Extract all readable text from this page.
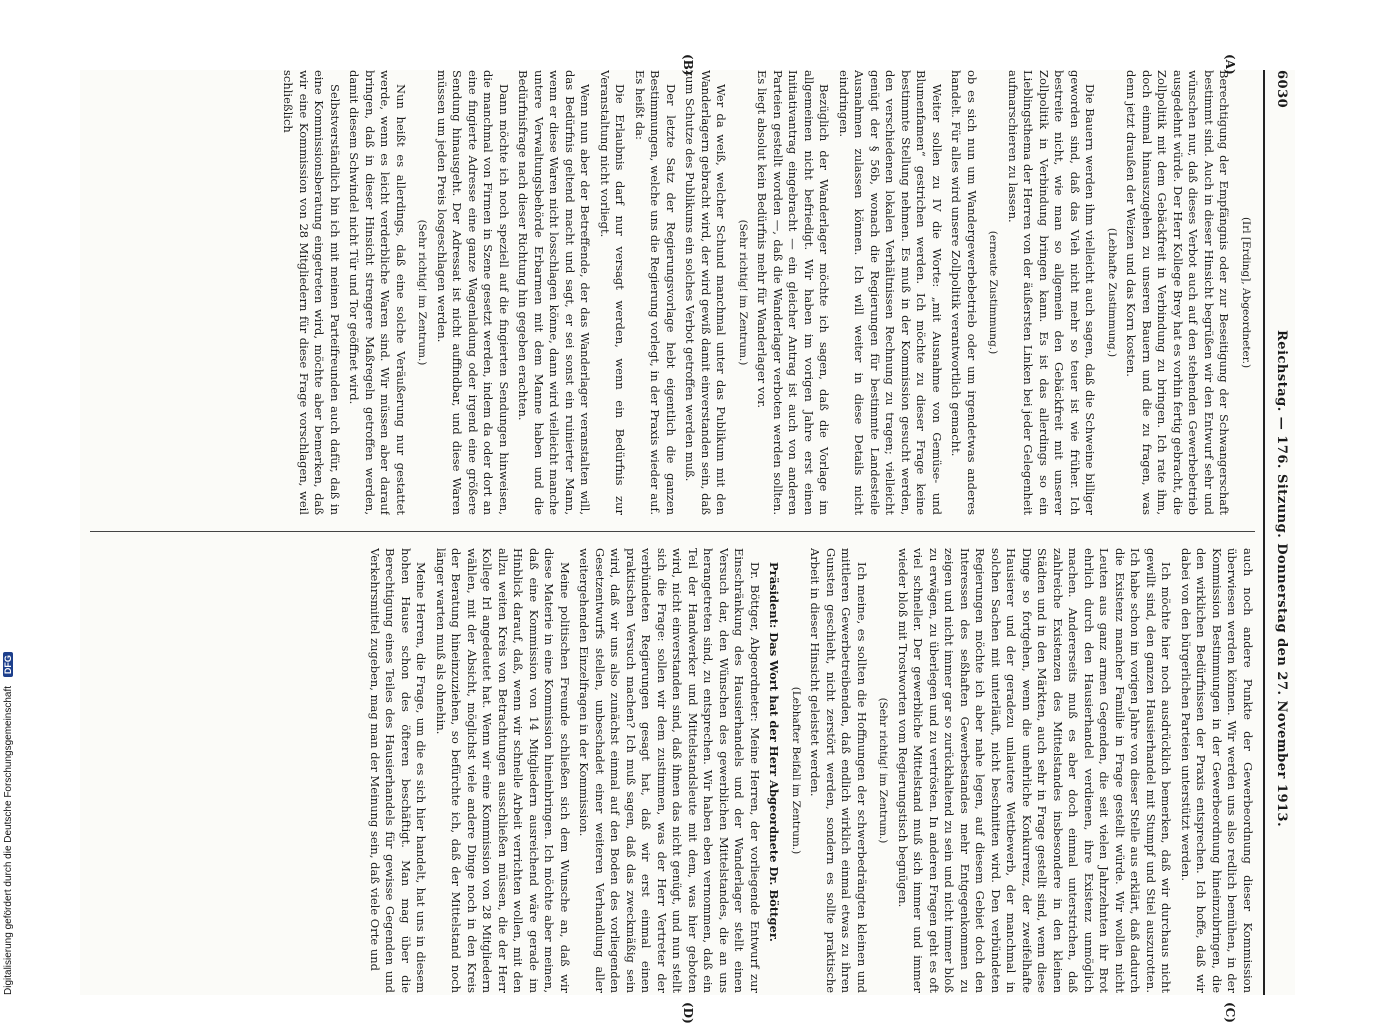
6030
Reichstag. — 176. Sitzung. Donnerstag den 27. November 1913.
(A)
(B)
(C)
(D)

(Irl [Erding], Abgeordneter.)

Berechtigung der Empfängnis oder zur Beseitigung der Schwangerschaft bestimmt sind. Auch in dieser Hinsicht begrüßen wir den Entwurf sehr und wünschen nur, daß dieses Verbot auch auf den stehenden Gewerbebetrieb ausgedehnt würde. Der Herr Kollege Brey hat es vorhin fertig gebracht, die Zollpolitik mit dem Gebäckfreit in Verbindung zu bringen. Ich rate ihm, doch einmal hinauszugehen zu unseren Bauern und die zu fragen, was denn jetzt draußen der Weizen und das Korn kosten.

(Lebhafte Zustimmung.)

Die Bauern werden ihm vielleicht auch sagen, daß die Schweine billiger geworden sind, daß das Vieh nicht mehr so teuer ist wie früher. Ich bestreite nicht, wie man so allgemein den Gebäckfreit mit unserer Zollpolitik in Verbindung bringen kann. Es ist das allerdings so ein Lieblingsthema der Herren von der äußersten Linken bei jeder Gelegenheit aufmarschieren zu lassen.

(erneute Zustimmung.)

ob es sich nun um Wandergewerbebetrieb oder um irgendetwas anderes handelt. Für alles wird unsere Zollpolitik verantwortlich gemacht.

Weiter sollen zu IV die Worte: „mit Ausnahme von Gemüse- und Blumenfamen“ gestrichen werden. Ich möchte zu dieser Frage keine bestimmte Stellung nehmen. Es muß in der Kommission gesucht werden, den verschiedenen lokalen Verhältnissen Rechnung zu tragen; vielleicht genügt der § 56b, wonach die Regierungen für bestimmte Landesteile Ausnahmen zulassen können. Ich will weiter in diese Details nicht eindringen.

Bezüglich der Wanderlager möchte ich sagen, daß die Vorlage im allgemeinen nicht befriedigt. Wir haben im vorigen Jahre erst einen Initiativantrag eingebracht — ein gleicher Antrag ist auch von anderen Parteien gestellt worden —, daß die Wanderlager verboten werden sollten. Es liegt absolut kein Bedürfnis mehr für Wanderlager vor.

(Sehr richtig! im Zentrum.)

Wer da weiß, welcher Schund manchmal unter das Publikum mit den Wanderlagern gebracht wird, der wird gewiß damit einverstanden sein, daß zum Schutze des Publikums ein solches Verbot getroffen werden muß.

Der letzte Satz der Regierungsvorlage hebt eigentlich die ganzen Bestimmungen, welche uns die Regierung vorlegt, in der Praxis wieder auf. Es heißt da:

Die Erlaubnis darf nur versagt werden, wenn ein Bedürfnis zur Veranstaltung nicht vorliegt.

Wenn nun aber der Betreffende, der das Wanderlager veranstalten will, das Bedürfnis geltend macht und sagt, er sei sonst ein ruinierter Mann, wenn er diese Waren nicht losschlagen könne, dann wird vielleicht manche untere Verwaltungsbehörde Erbarmen mit dem Manne haben und die Bedürfnisfrage nach dieser Richtung hin gegeben erachten.

Dann möchte ich noch speziell auf die fingierten Sendungen hinweisen, die manchmal von Firmen in Szene gesetzt werden, indem da oder dort an eine fingierte Adresse eine ganze Wagenladung oder irgend eine größere Sendung hinausgeht. Der Adressat ist nicht auffindbar, und diese Waren müssen um jeden Preis losgeschlagen werden.

(Sehr richtig! im Zentrum.)

Nun heißt es allerdings, daß eine solche Veräußerung nur gestattet werde, wenn es leicht verderbliche Waren sind. Wir müssen aber darauf bringen, daß in dieser Hinsicht strengere Maßregeln getroffen werden, damit diesem Schwindel nicht Tür und Tor geöffnet wird.

Selbstverständlich bin ich mit meinen Parteifreunden auch dafür, daß in eine Kommissionsberatung eingetreten wird, möchte aber bemerken, daß wir eine Kommission von 28 Mitgliedern für diese Frage vorschlagen, weil schließlich

auch noch andere Punkte der Gewerbeordnung dieser Kommission überwiesen werden können. Wir werden uns also redlich bemühen, in der Kommission Bestimmungen in der Gewerbeordnung hineinzubringen, die den wirklichen Bedürfnissen der Praxis entsprechen. Ich hoffe, daß wir dabei von den bürgerlichen Parteien unterstützt werden.

Ich möchte hier noch ausdrücklich bemerken, daß wir durchaus nicht gewillt sind, den ganzen Hausierhandel mit Stumpf und Stiel auszurotten. Ich habe schon im vorigen Jahre von dieser Stelle aus erklärt, daß dadurch die Existenz mancher Familie in Frage gestellt würde. Wir wollen nicht Leuten aus ganz armen Gegenden, die seit vielen Jahrzehnten ihr Brot ehrlich durch den Hausierhandel verdienen, ihre Existenz unmöglich machen. Andererseits muß es aber doch einmal unterstrichen, daß zahlreiche Existenzen des Mittelstandes insbesondere in den kleinen Städten und in den Märkten, auch sehr in Frage gestellt sind, wenn diese Dinge so fortgehen, wenn die unehrliche Konkurrenz, der zweifelhafte Hausierer und der geradezu unlautere Wettbewerb, der manchmal in solchen Sachen mit unterläuft, nicht beschnitten wird. Den verbündeten Regierungen möchte ich aber nahe legen, auf diesem Gebiet doch den Interessen des seßhaften Gewerbestandes mehr Entgegenkommen zu zeigen und nicht immer gar so zurückhaltend zu sein und nicht immer bloß zu erwägen, zu überlegen und zu vertrösten. In anderen Fragen geht es oft viel schneller. Der gewerbliche Mittelstand muß sich immer und immer wieder bloß mit Trostworten vom Regierungstisch begnügen.

(Sehr richtig! im Zentrum.)

Ich meine, es sollten die Hoffnungen der schwerbedrängten kleinen und mittleren Gewerbetreibenden, daß endlich wirklich einmal etwas zu ihren Gunsten geschieht, nicht zerstört werden, sondern es sollte praktische Arbeit in dieser Hinsicht geleistet werden.

(Lebhafter Beifall im Zentrum.)

Präsident: Das Wort hat der Herr Abgeordnete Dr. Böttger.

Dr. Böttger, Abgeordneter: Meine Herren, der vorliegende Entwurf zur Einschränkung des Hausierhandels und der Wanderlager stellt einen Versuch dar, den Wünschen des gewerblichen Mittelstandes, die an uns herangetreten sind, zu entsprechen. Wir haben eben vernommen, daß ein Teil der Handwerker und Mittelstandsleute mit dem, was hier geboten wird, nicht einverstanden sind, daß ihnen das nicht genügt, und nun stellt sich die Frage: sollen wir dem zustimmen, was der Herr Vertreter der verbündeten Regierungen gesagt hat, daß wir erst einmal einen praktischen Versuch machen? Ich muß sagen, daß das zweckmäßig sein wird, daß wir uns also zunächst einmal auf den Boden des vorliegenden Gesetzentwurfs stellen, unbeschadet einer weiteren Verhandlung aller weitergehenden Einzelfragen in der Kommission.

Meine politischen Freunde schließen sich dem Wunsche an, daß wir diese Materie in eine Kommission hineinbringen. Ich möchte aber meinen, daß eine Kommission von 14 Mitgliedern ausreichend wäre gerade im Hinblick darauf, daß, wenn wir schnelle Arbeit verrichten wollen, mit den allzu weiten Kreis von Betrachtungen ausschließen müssen, die der Herr Kollege Irl angedeutet hat. Wenn wir eine Kommission von 28 Mitgliedern wählen, mit der Absicht, möglichst viele andere Dinge noch in den Kreis der Beratung hineinzuziehen, so befürchte ich, daß der Mittelstand noch länger warten muß als ohnehin.

Meine Herren, die Frage, um die es sich hier handelt, hat uns in diesem hohen Hause schon des öfteren beschäftigt. Man mag über die Berechtigung eines Teiles des Hausierhandels für gewisse Gegenden und Verkehrsmittel zugeben, mag man der Meinung sein, daß viele Orte und

Digitalisierung gefördert durch die Deutsche Forschungsgemeinschaft DFG
